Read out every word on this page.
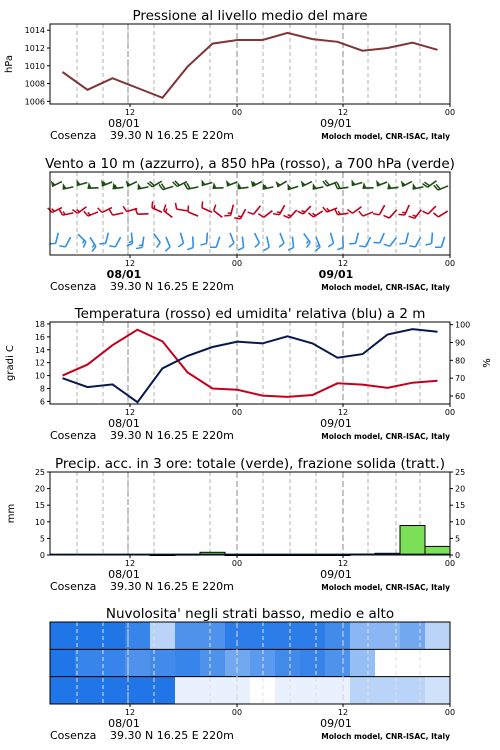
Pressione al livello medio del mare
1006
1008
1010
1012
1014
hPa
12	00	12	00
08/01	09/01
Cosenza 39.30 N 16.25 E 220m	Moloch model, CNR-ISAC, Italy
Vento a 10 m (azzurro), a 850 hPa (rosso), a 700 hPa (verde)
12	00	12	00
08/01	09/01
Cosenza 39.30 N 16.25 E 220m	Moloch model, CNR-ISAC, Italy
Temperatura (rosso) ed umidita' relativa (blu) a 2 m
6
8
10
12
14
16
18
gradi C
60
70
80
90
100
%
12	00	12	00
08/01	09/01
Cosenza 39.30 N 16.25 E 220m	Moloch model, CNR-ISAC, Italy
Precip. acc. in 3 ore: totale (verde), frazione solida (tratt.)
0
5
10
15
20
25
mm
0
5
10
15
20
25
12	00	12	00
08/01	09/01
Cosenza 39.30 N 16.25 E 220m	Moloch model, CNR-ISAC, Italy
Nuvolosita' negli strati basso, medio e alto
12	00	12	00
08/01	09/01
Cosenza 39.30 N 16.25 E 220m	Moloch model, CNR-ISAC, Italy
